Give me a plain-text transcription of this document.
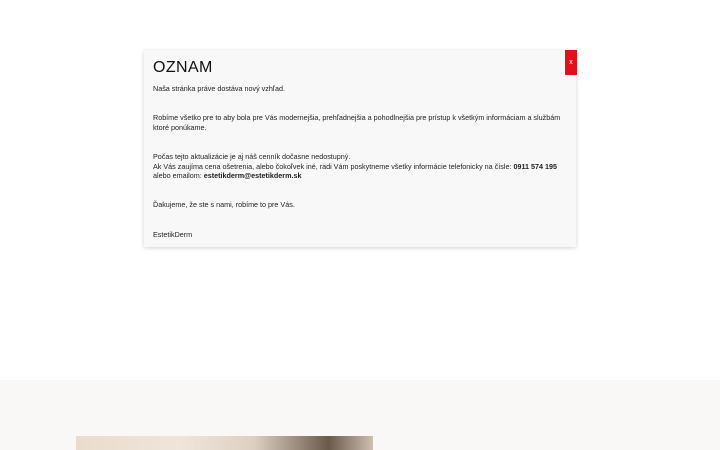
x
OZNAM

Naša stránka práve dostáva nový vzhľad.

Robíme všetko pre to aby bola pre Vás modernejšia, prehľadnejšia a pohodlnejšia pre prístup k všetkým informáciam a službám
ktoré ponúkame.

Počas tejto aktualizácie je aj náš cenník dočasne nedostupný.
Ak Vás zaujíma cena ošetrenia, alebo čokoľvek iné, radi Vám poskytneme všetky informácie telefonicky na čísle: 0911 574 195
alebo emailom: estetikderm@estetikderm.sk

Ďakujeme, že ste s nami, robíme to pre Vás.

EstetikDerm
